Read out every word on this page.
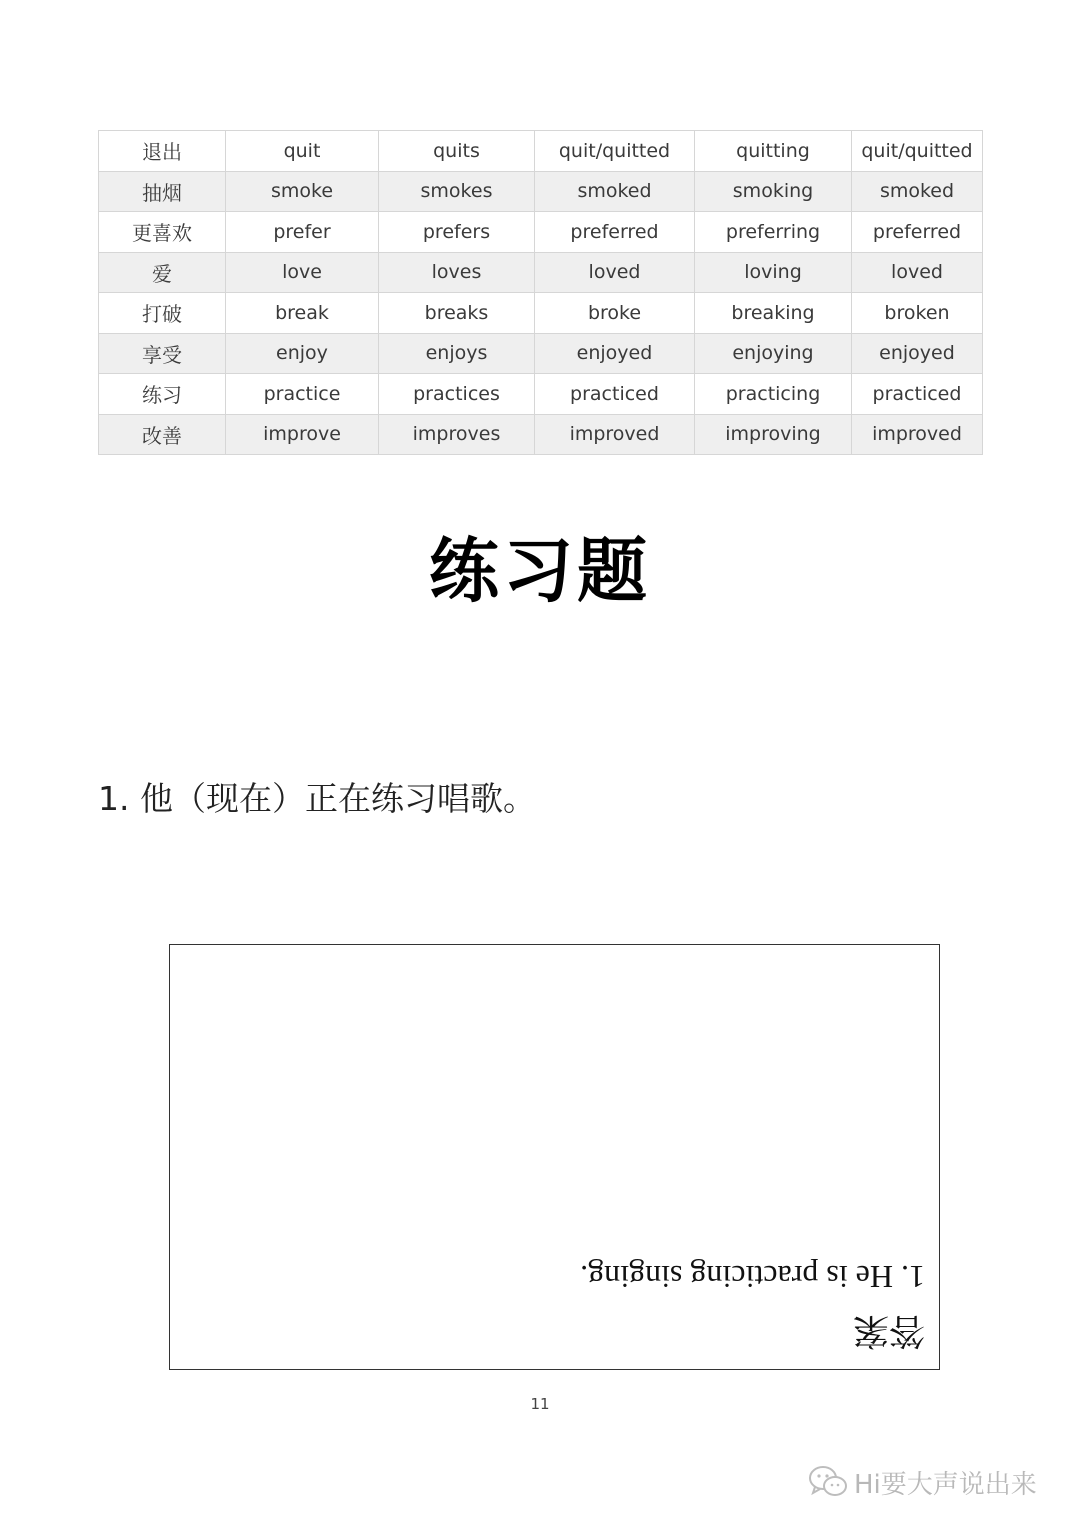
退出	quit	quits	quit/quitted	quitting	quit/quitted
抽烟	smoke	smokes	smoked	smoking	smoked
更喜欢	prefer	prefers	preferred	preferring	preferred
爱	love	loves	loved	loving	loved
打破	break	breaks	broke	breaking	broken
享受	enjoy	enjoys	enjoyed	enjoying	enjoyed
练习	practice	practices	practiced	practicing	practiced
改善	improve	improves	improved	improving	improved
练习题
1. 他（现在）正在练习唱歌。
答案
1. He is practicing singing.
11
Hi要大声说出来
